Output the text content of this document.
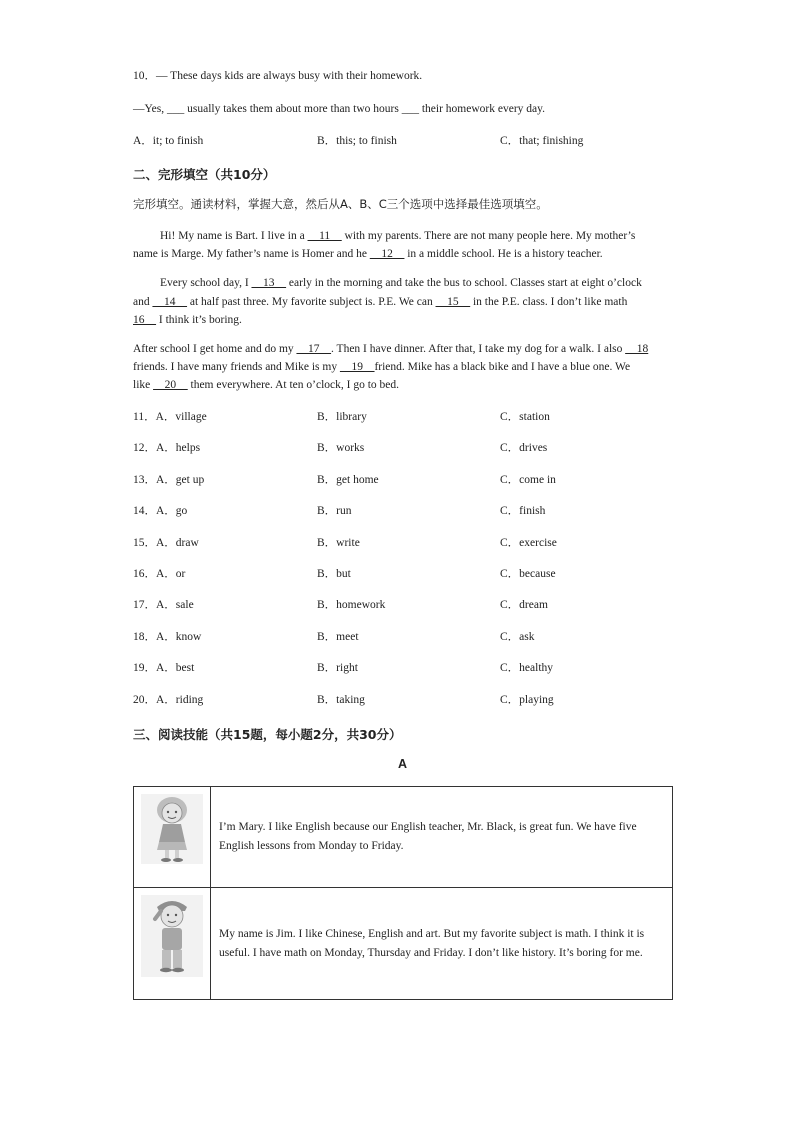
10．— These days kids are always busy with their homework.
—Yes, ___ usually takes them about more than two hours ___ their homework every day.
A．it; to finish	B．this; to finish	C．that; finishing
二、完形填空（共10分）
完形填空。通读材料，掌握大意，然后从A、B、C三个选项中选择最佳选项填空。
Hi! My name is Bart. I live in a __11__ with my parents. There are not many people here. My mother’s
name is Marge. My father’s name is Homer and he __12__ in a middle school. He is a history teacher.
Every school day, I __13__ early in the morning and take the bus to school. Classes start at eight o’clock
and __14__ at half past three. My favorite subject is. P.E. We can __15__ in the P.E. class. I don’t like math
16__ I think it’s boring.
After school I get home and do my __17__. Then I have dinner. After that, I take my dog for a walk. I also __18
friends. I have many friends and Mike is my __19__friend. Mike has a black bike and I have a blue one. We
like __20__ them everywhere. At ten o’clock, I go to bed.
11．A．village	B．library	C．station
12．A．helps	B．works	C．drives
13．A．get up	B．get home	C．come in
14．A．go	B．run	C．finish
15．A．draw	B．write	C．exercise
16．A．or	B．but	C．because
17．A．sale	B．homework	C．dream
18．A．know	B．meet	C．ask
19．A．best	B．right	C．healthy
20．A．riding	B．taking	C．playing
三、阅读技能（共15题，每小题2分，共30分）
A

I’m Mary. I like English because our English teacher, Mr. Black, is great fun. We have five
English lessons from Monday to Friday.

My name is Jim. I like Chinese, English and art. But my favorite subject is math. I think it is
useful. I have math on Monday, Thursday and Friday. I don’t like history. It’s boring for me.
